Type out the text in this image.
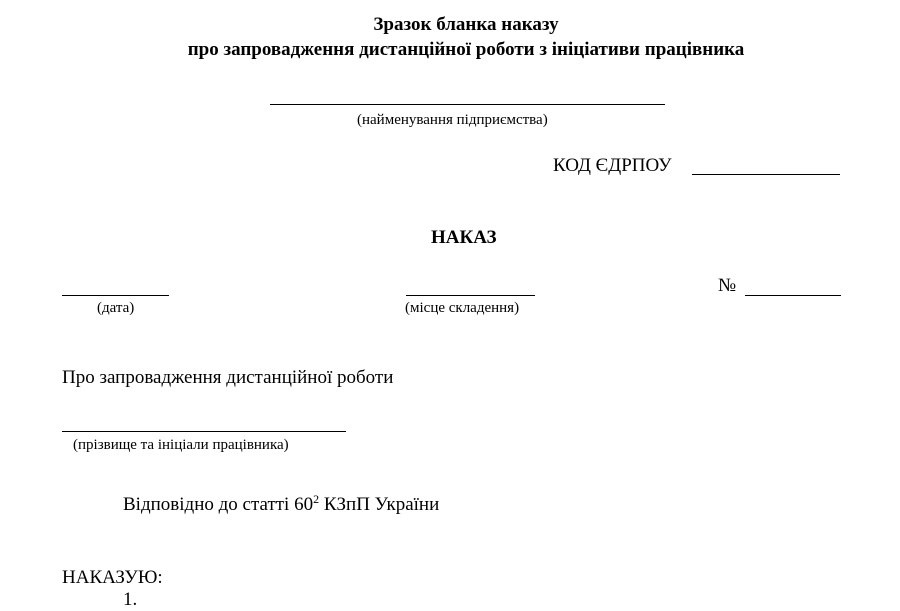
Зразок бланка наказу
про запровадження дистанційної роботи з ініціативи працівника
(найменування підприємства)
КОД ЄДРПОУ
НАКАЗ
(дата)	(місце складення)
№
Про запровадження дистанційної роботи
(прізвище та ініціали працівника)
Відповідно до статті $60^2$ КЗпП України
НАКАЗУЮ:
1.
